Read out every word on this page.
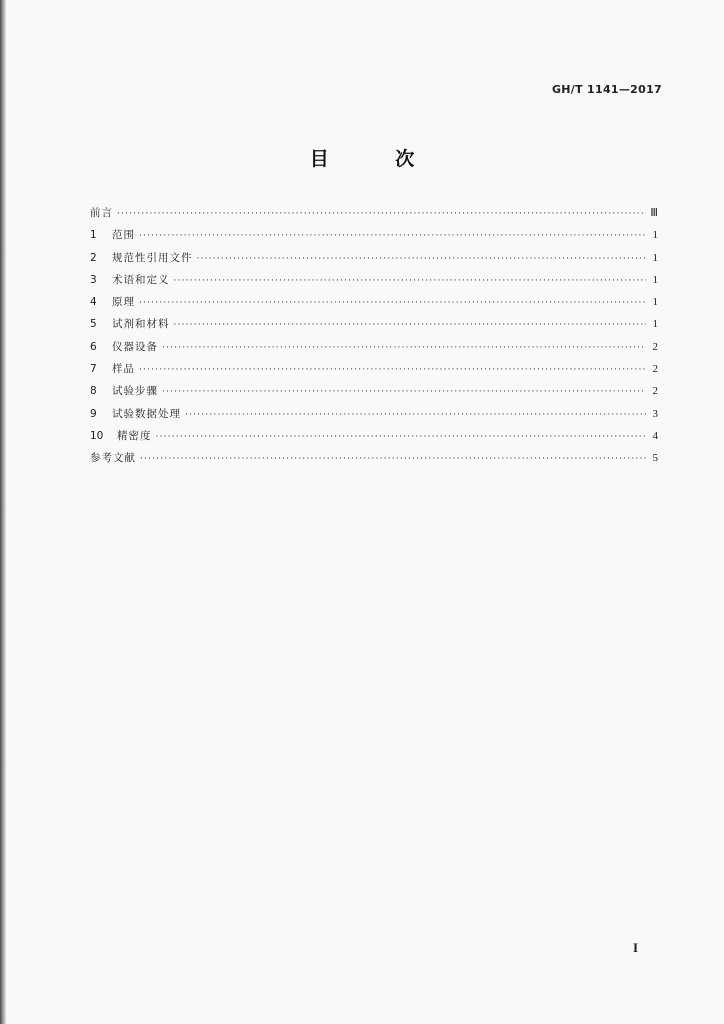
GH/T 1141—2017
目 次
前言 ·····	Ⅲ
1	范围 ·····	1
2	规范性引用文件 ·····	1
3	术语和定义 ·····	1
4	原理 ·····	1
5	试剂和材料 ·····	1
6	仪器设备 ·····	2
7	样品 ·····	2
8	试验步骤 ·····	2
9	试验数据处理 ·····	3
10	精密度 ·····	4
参考文献 ·····	5
I
